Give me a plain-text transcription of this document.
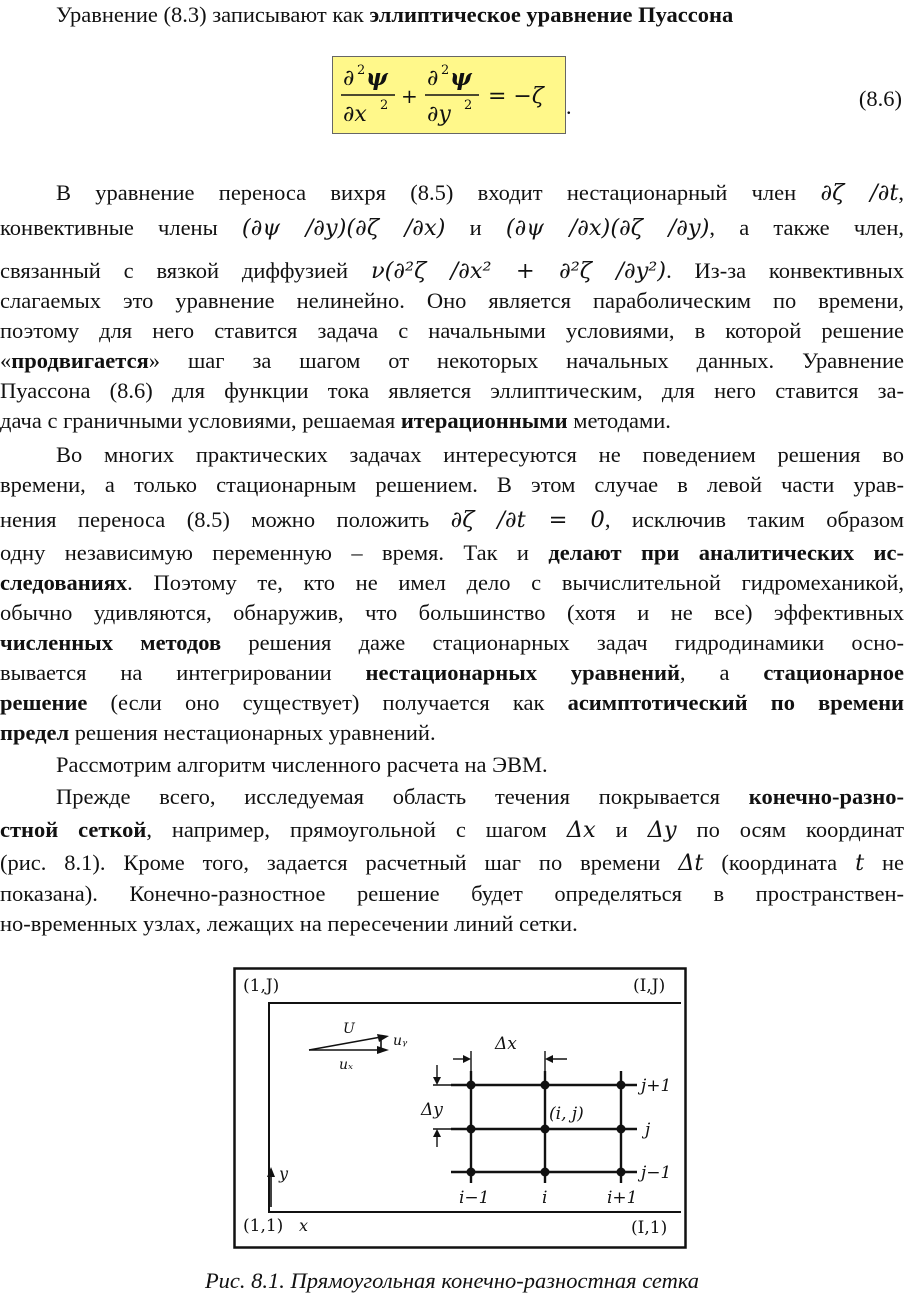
Уравнение (8.3) записывают как эллиптическое уравнение Пуассона

∂ 2 ψ
∂x 2 +
∂ 2 ψ
∂y 2 = −ζ .	(8.6)

В уравнение переноса вихря (8.5) входит нестационарный член ∂ζ /∂t,

конвективные члены (∂ψ /∂y)(∂ζ /∂x) и (∂ψ /∂x)(∂ζ /∂y), а также член,

связанный с вязкой диффузией ν(∂²ζ /∂x² + ∂²ζ /∂y²). Из-за конвективных

слагаемых это уравнение нелинейно. Оно является параболическим по времени,

поэтому для него ставится задача с начальными условиями, в которой решение

«продвигается» шаг за шагом от некоторых начальных данных. Уравнение

Пуассона (8.6) для функции тока является эллиптическим, для него ставится за-

дача с граничными условиями, решаемая итерационными методами.

Во многих практических задачах интересуются не поведением решения во

времени, а только стационарным решением. В этом случае в левой части урав-

нения переноса (8.5) можно положить ∂ζ /∂t = 0, исключив таким образом

одну независимую переменную – время. Так и делают при аналитических ис-

следованиях. Поэтому те, кто не имел дело с вычислительной гидромеханикой,

обычно удивляются, обнаружив, что большинство (хотя и не все) эффективных

численных методов решения даже стационарных задач гидродинамики осно-

вывается на интегрировании нестационарных уравнений, а стационарное

решение (если оно существует) получается как асимптотический по времени

предел решения нестационарных уравнений.

Рассмотрим алгоритм численного расчета на ЭВМ.

Прежде всего, исследуемая область течения покрывается конечно-разно-

стной сеткой, например, прямоугольной с шагом Δx и Δy по осям координат

(рис. 8.1). Кроме того, задается расчетный шаг по времени Δt (координата t не

показана). Конечно-разностное решение будет определяться в пространствен-

но-временных узлах, лежащих на пересечении линий сетки.

(1,J)	(I,J)
(1,1)	(I,1)
y
x
U
uₓ
uᵧ	Δx
Δy	(i, j)
j+1
j
j−1
i−1	i	i+1
Рис. 8.1. Прямоугольная конечно-разностная сетка
